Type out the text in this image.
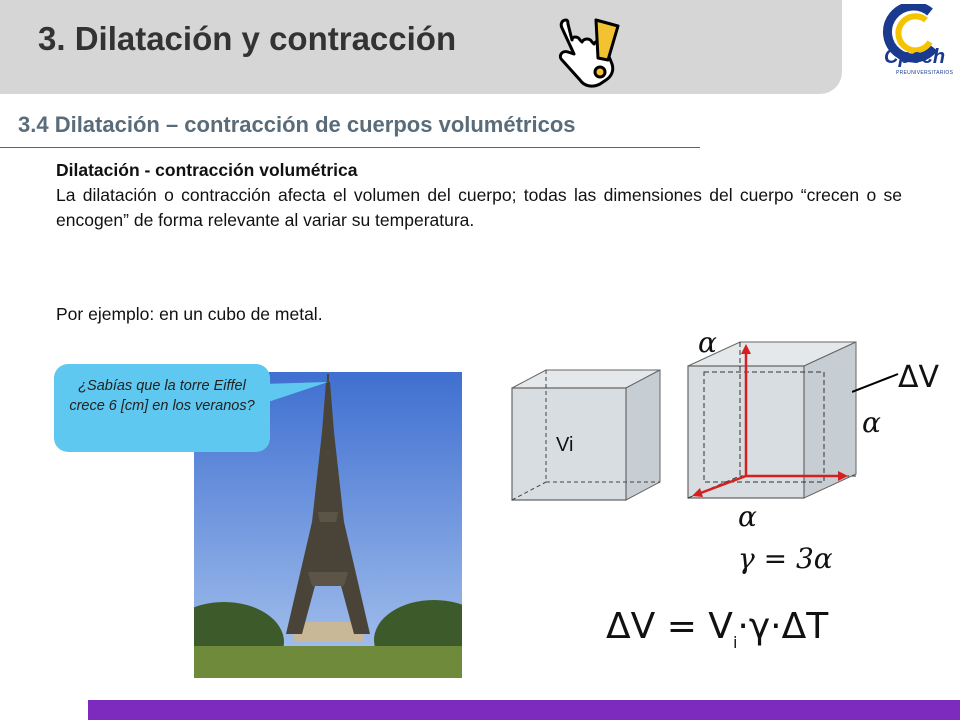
3. Dilatación y contracción	Cpech
PREUNIVERSITARIOS
3.4 Dilatación – contracción de cuerpos volumétricos
Dilatación - contracción volumétrica
La dilatación o contracción afecta el volumen del cuerpo; todas las dimensiones del cuerpo “crecen o se encogen” de forma relevante al variar su temperatura.
Por ejemplo: en un cubo de metal.
¿Sabías que la torre Eiffel crece 6 [cm] en los veranos?
Vi
α
α
α
ΔV
γ = 3α
$\Delta V = V_i\cdot\gamma\cdot\Delta T$
